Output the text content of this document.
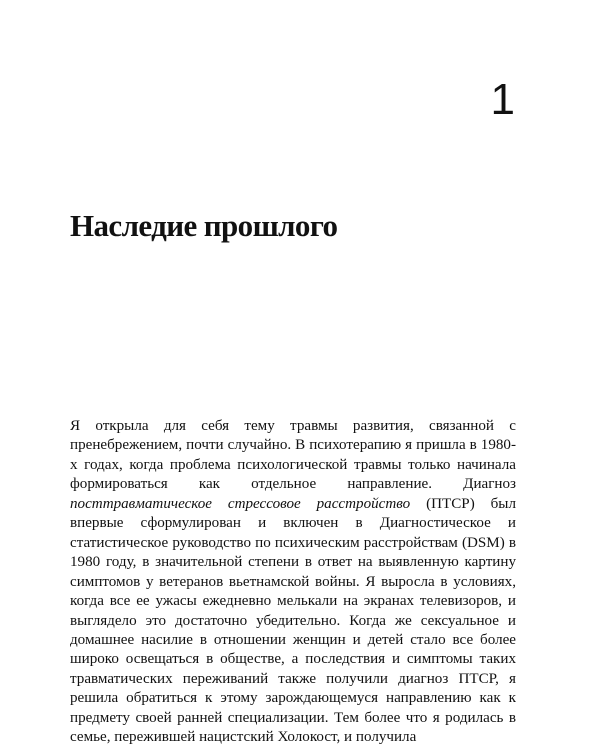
1
Наследие прошлого

Я открыла для себя тему травмы развития, связанной с пренебрежением, почти случайно. В психотерапию я пришла в 1980-х годах, когда проблема психологической травмы только начинала формироваться как отдельное направление. Диагноз посттравматическое стрессовое расстройство (ПТСР) был впервые сформулирован и включен в Диагностическое и статистическое руководство по психическим расстройствам (DSM) в 1980 году, в значительной степени в ответ на выявленную картину симптомов у ветеранов вьетнамской войны. Я выросла в условиях, когда все ее ужасы ежедневно мелькали на экранах телевизоров, и выглядело это достаточно убедительно. Когда же сексуальное и домашнее насилие в отношении женщин и детей стало все более широко освещаться в обществе, а последствия и симптомы таких травматических переживаний также получили диагноз ПТСР, я решила обратиться к этому зарождающемуся направлению как к предмету своей ранней специализации. Тем более что я родилась в семье, пережившей нацистский Холокост, и получила
